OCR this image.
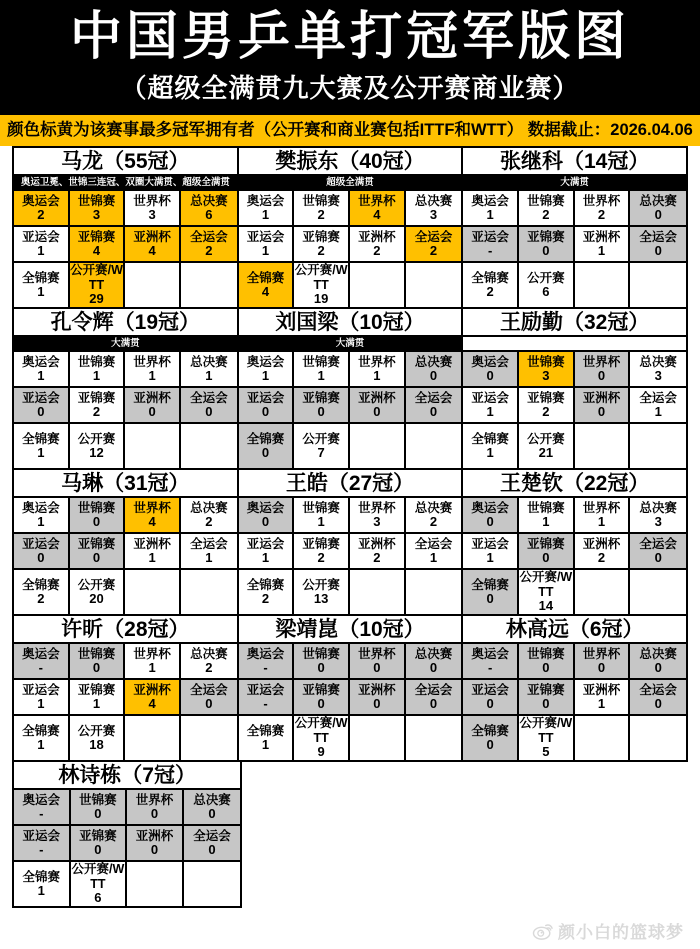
中国男乒单打冠军版图
（超级全满贯九大赛及公开赛商业赛）
颜色标黄为该赛事最多冠军拥有者（公开赛和商业赛包括ITTF和WTT） 数据截止：2026.04.06
马龙（55冠）
奥运卫冕、世锦三连冠、双圈大满贯、超级全满贯
奥运会
2
世锦赛
3
世界杯
3
总决赛
6
亚运会
1
亚锦赛
4
亚洲杯
4
全运会
2
全锦赛
1
公开赛/WTT
29
樊振东（40冠）
超级全满贯
奥运会
1
世锦赛
2
世界杯
4
总决赛
3
亚运会
1
亚锦赛
2
亚洲杯
2
全运会
2
全锦赛
4
公开赛/WTT
19
张继科（14冠）
大满贯
奥运会
1
世锦赛
2
世界杯
2
总决赛
0
亚运会
-
亚锦赛
0
亚洲杯
1
全运会
0
全锦赛
2
公开赛
6
孔令辉（19冠）
大满贯
奥运会
1
世锦赛
1
世界杯
1
总决赛
1
亚运会
0
亚锦赛
2
亚洲杯
0
全运会
0
全锦赛
1
公开赛
12
刘国梁（10冠）
大满贯
奥运会
1
世锦赛
1
世界杯
1
总决赛
0
亚运会
0
亚锦赛
0
亚洲杯
0
全运会
0
全锦赛
0
公开赛
7
王励勤（32冠）
奥运会
0
世锦赛
3
世界杯
0
总决赛
3
亚运会
1
亚锦赛
2
亚洲杯
0
全运会
1
全锦赛
1
公开赛
21
马琳（31冠）
奥运会
1
世锦赛
0
世界杯
4
总决赛
2
亚运会
0
亚锦赛
0
亚洲杯
1
全运会
1
全锦赛
2
公开赛
20
王皓（27冠）
奥运会
0
世锦赛
1
世界杯
3
总决赛
2
亚运会
1
亚锦赛
2
亚洲杯
2
全运会
1
全锦赛
2
公开赛
13
王楚钦（22冠）
奥运会
0
世锦赛
1
世界杯
1
总决赛
3
亚运会
1
亚锦赛
0
亚洲杯
2
全运会
0
全锦赛
0
公开赛/WTT
14
许昕（28冠）
奥运会
-
世锦赛
0
世界杯
1
总决赛
2
亚运会
1
亚锦赛
1
亚洲杯
4
全运会
0
全锦赛
1
公开赛
18
梁靖崑（10冠）
奥运会
-
世锦赛
0
世界杯
0
总决赛
0
亚运会
-
亚锦赛
0
亚洲杯
0
全运会
0
全锦赛
1
公开赛/WTT
9
林高远（6冠）
奥运会
-
世锦赛
0
世界杯
0
总决赛
0
亚运会
0
亚锦赛
0
亚洲杯
1
全运会
0
全锦赛
0
公开赛/WTT
5
林诗栋（7冠）
奥运会
-
世锦赛
0
世界杯
0
总决赛
0
亚运会
-
亚锦赛
0
亚洲杯
0
全运会
0
全锦赛
1
公开赛/WTT
6
颜小白的篮球梦
